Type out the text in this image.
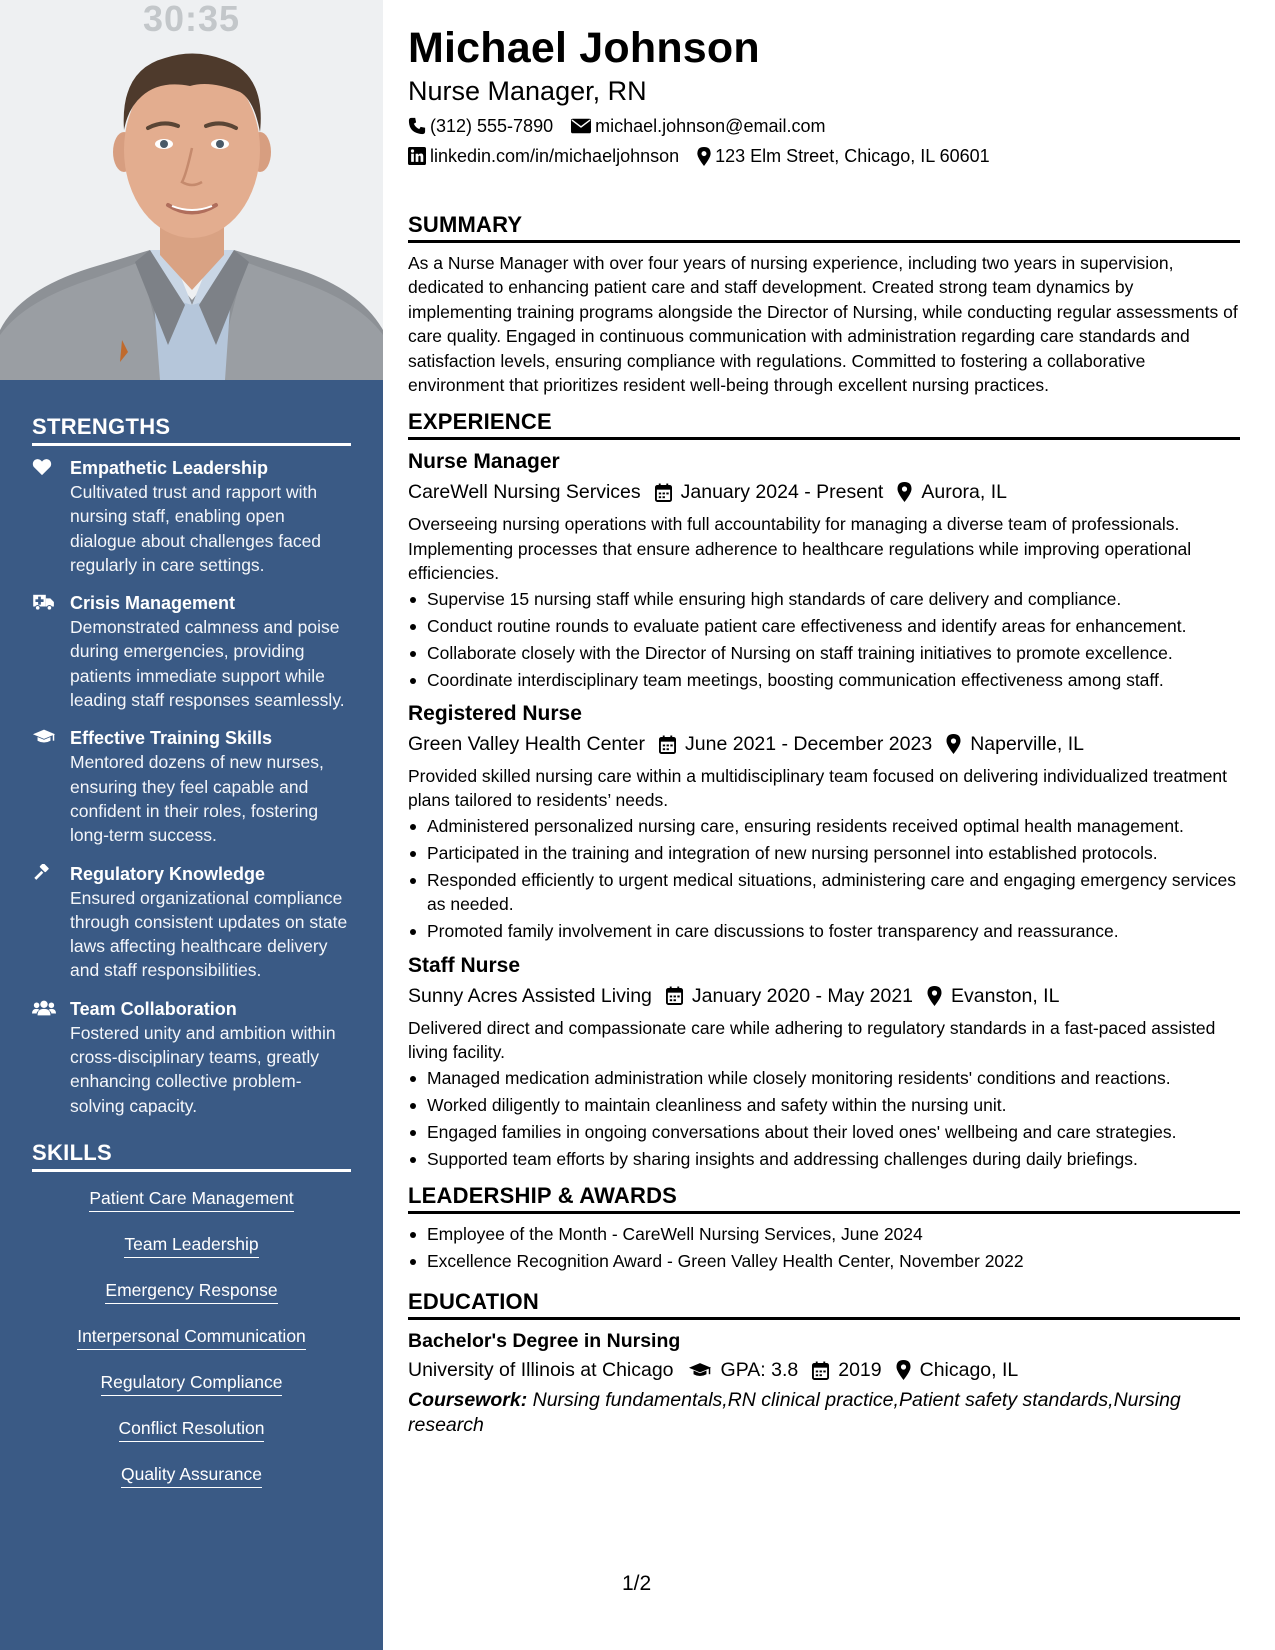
30:35
STRENGTHS
Empathetic Leadership
Cultivated trust and rapport with nursing staff, enabling open dialogue about challenges faced regularly in care settings.
Crisis Management
Demonstrated calmness and poise during emergencies, providing patients immediate support while leading staff responses seamlessly.
Effective Training Skills
Mentored dozens of new nurses, ensuring they feel capable and confident in their roles, fostering long-term success.
Regulatory Knowledge
Ensured organizational compliance through consistent updates on state laws affecting healthcare delivery and staff responsibilities.
Team Collaboration
Fostered unity and ambition within cross-disciplinary teams, greatly enhancing collective problem-solving capacity.
SKILLS
Patient Care Management
Team Leadership
Emergency Response
Interpersonal Communication
Regulatory Compliance
Conflict Resolution
Quality Assurance
Michael Johnson
Nurse Manager, RN
(312) 555-7890 michael.johnson@email.com
linkedin.com/in/michaeljohnson 123 Elm Street, Chicago, IL 60601
SUMMARY
As a Nurse Manager with over four years of nursing experience, including two years in supervision, dedicated to enhancing patient care and staff development. Created strong team dynamics by implementing training programs alongside the Director of Nursing, while conducting regular assessments of care quality. Engaged in continuous communication with administration regarding care standards and satisfaction levels, ensuring compliance with regulations. Committed to fostering a collaborative environment that prioritizes resident well-being through excellent nursing practices.
EXPERIENCE
Nurse Manager
CareWell Nursing Services January 2024 - Present Aurora, IL
Overseeing nursing operations with full accountability for managing a diverse team of professionals. Implementing processes that ensure adherence to healthcare regulations while improving operational efficiencies.
Supervise 15 nursing staff while ensuring high standards of care delivery and compliance.
Conduct routine rounds to evaluate patient care effectiveness and identify areas for enhancement.
Collaborate closely with the Director of Nursing on staff training initiatives to promote excellence.
Coordinate interdisciplinary team meetings, boosting communication effectiveness among staff.
Registered Nurse
Green Valley Health Center June 2021 - December 2023 Naperville, IL
Provided skilled nursing care within a multidisciplinary team focused on delivering individualized treatment plans tailored to residents’ needs.
Administered personalized nursing care, ensuring residents received optimal health management.
Participated in the training and integration of new nursing personnel into established protocols.
Responded efficiently to urgent medical situations, administering care and engaging emergency services as needed.
Promoted family involvement in care discussions to foster transparency and reassurance.
Staff Nurse
Sunny Acres Assisted Living January 2020 - May 2021 Evanston, IL
Delivered direct and compassionate care while adhering to regulatory standards in a fast-paced assisted living facility.
Managed medication administration while closely monitoring residents' conditions and reactions.
Worked diligently to maintain cleanliness and safety within the nursing unit.
Engaged families in ongoing conversations about their loved ones' wellbeing and care strategies.
Supported team efforts by sharing insights and addressing challenges during daily briefings.
LEADERSHIP & AWARDS
Employee of the Month - CareWell Nursing Services, June 2024
Excellence Recognition Award - Green Valley Health Center, November 2022
EDUCATION
Bachelor's Degree in Nursing
University of Illinois at Chicago GPA: 3.8 2019 Chicago, IL
Coursework: Nursing fundamentals,RN clinical practice,Patient safety standards,Nursing research
1/2
